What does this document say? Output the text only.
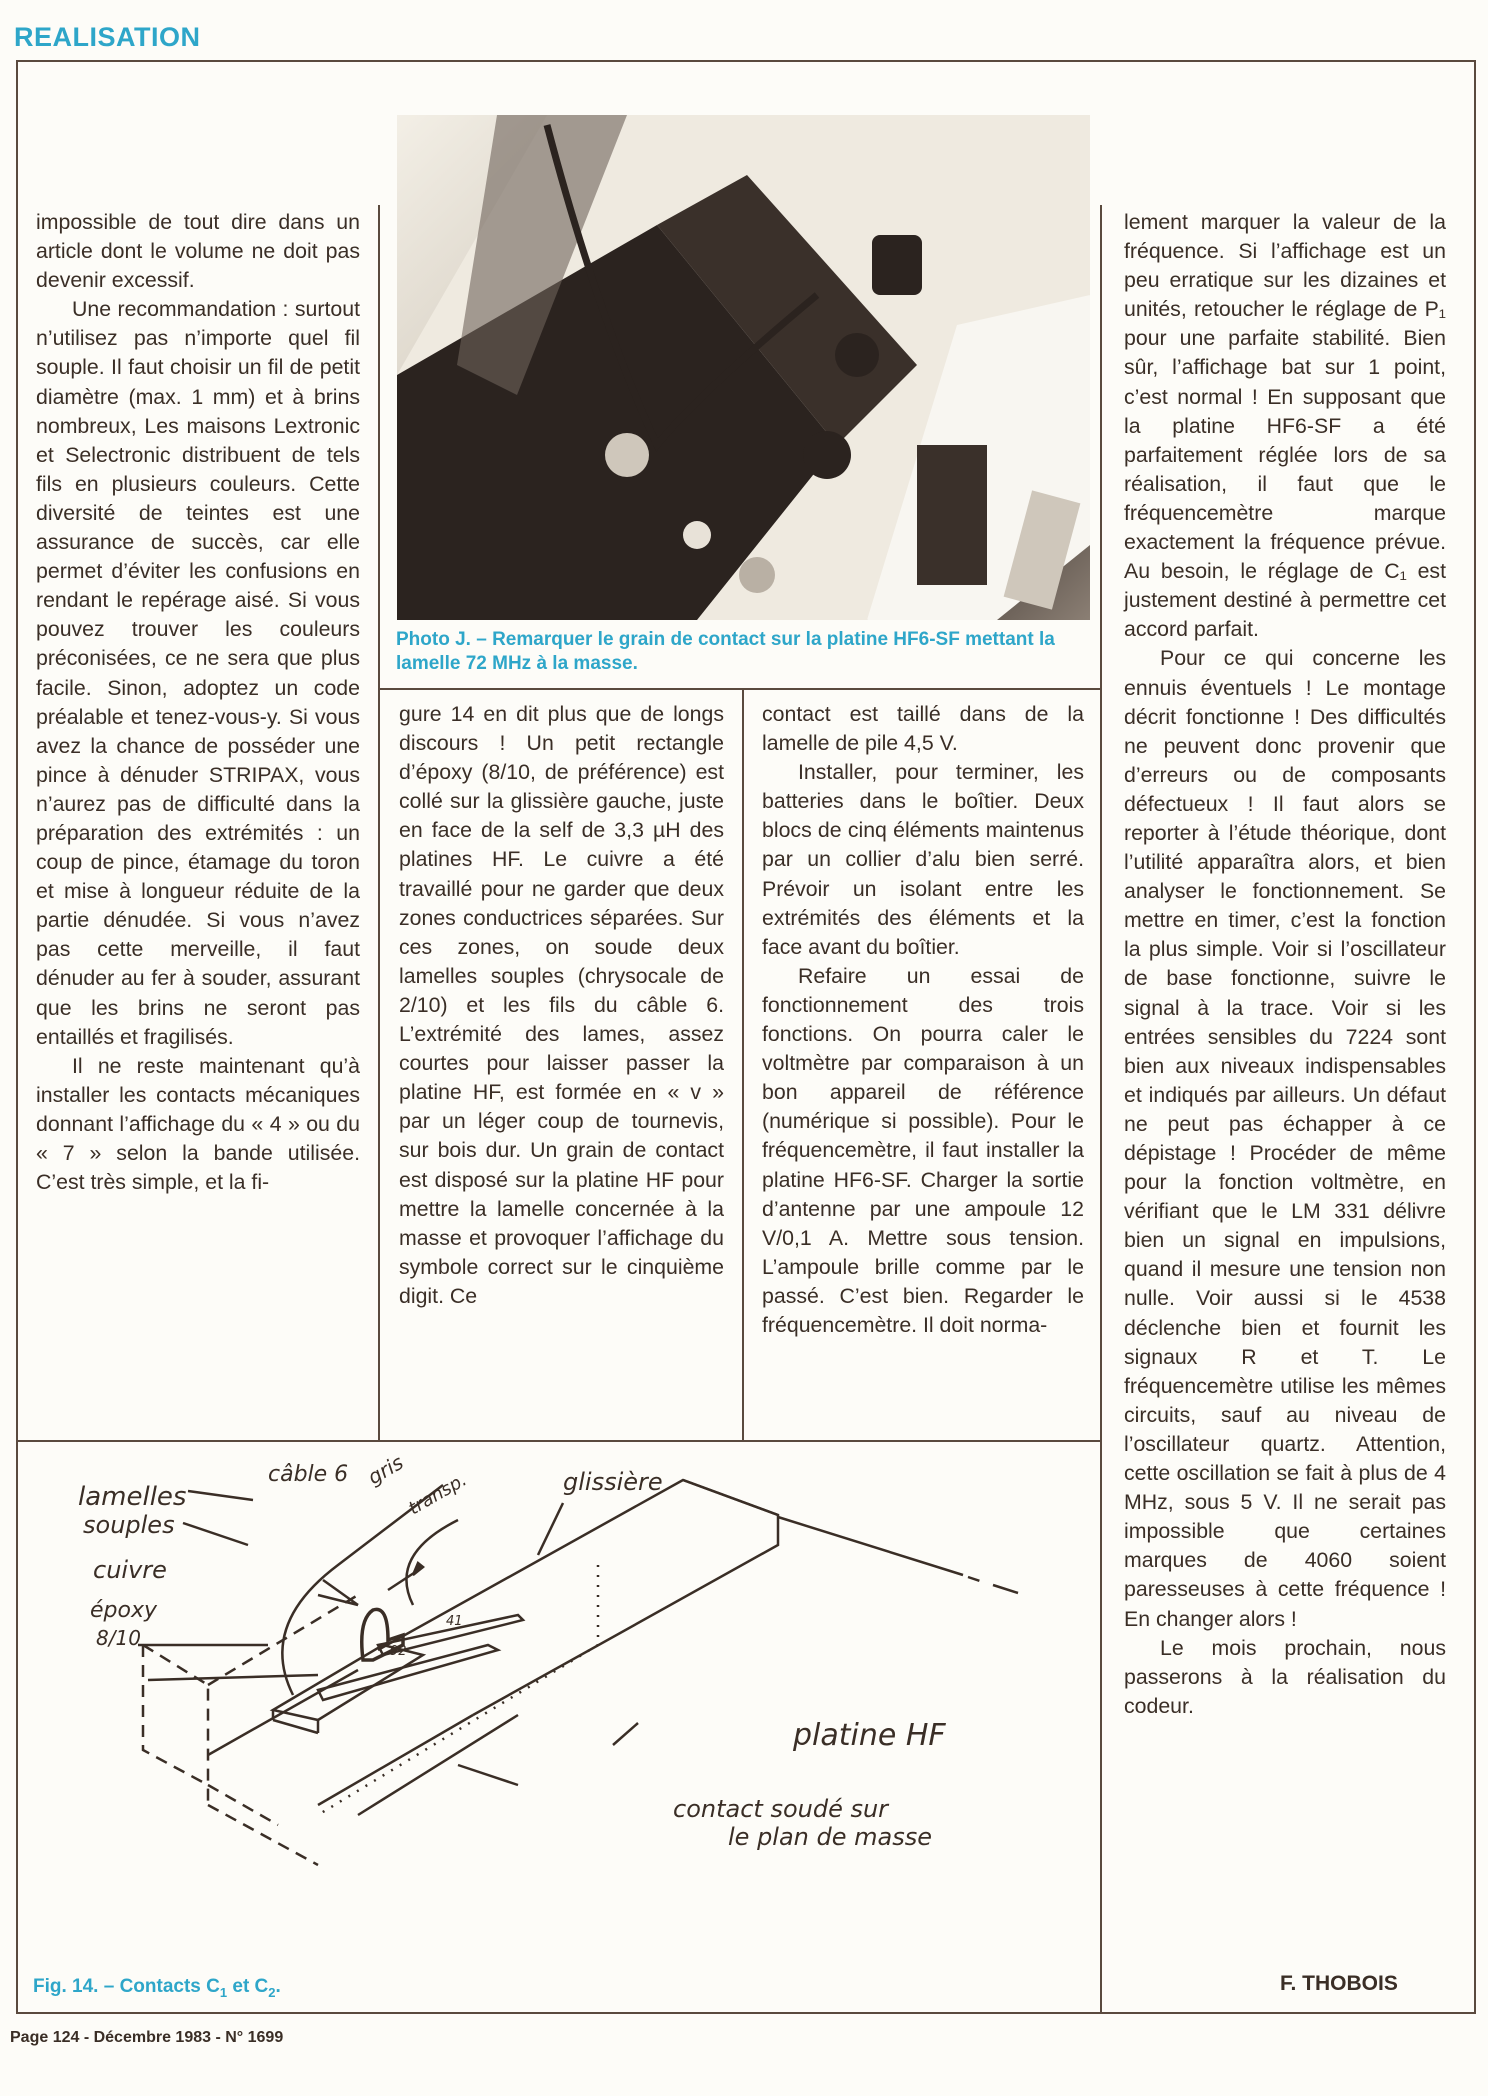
REALISATION

impossible de tout dire dans un article dont le volume ne doit pas devenir excessif.

Une recommandation : surtout n’utilisez pas n’importe quel fil souple. Il faut choisir un fil de petit diamètre (max. 1 mm) et à brins nombreux, Les maisons Lextronic et Selectronic distribuent de tels fils en plusieurs couleurs. Cette diversité de teintes est une assurance de succès, car elle permet d’éviter les confusions en rendant le repérage aisé. Si vous pouvez trouver les couleurs préconisées, ce ne sera que plus facile. Sinon, adoptez un code préalable et tenez-vous-y. Si vous avez la chance de posséder une pince à dénuder STRIPAX, vous n’aurez pas de difficulté dans la préparation des extrémités : un coup de pince, étamage du toron et mise à longueur réduite de la partie dénudée. Si vous n’avez pas cette merveille, il faut dénuder au fer à souder, assurant que les brins ne seront pas entaillés et fragilisés.

Il ne reste maintenant qu’à installer les contacts mécaniques donnant l’affichage du « 4 » ou du « 7 » selon la bande utilisée. C’est très simple, et la fi-

Photo J. – Remarquer le grain de contact sur la platine HF6-SF mettant la lamelle 72 MHz à la masse.

gure 14 en dit plus que de longs discours ! Un petit rectangle d’époxy (8/10, de préférence) est collé sur la glissière gauche, juste en face de la self de 3,3 µH des platines HF. Le cuivre a été travaillé pour ne garder que deux zones conductrices séparées. Sur ces zones, on soude deux lamelles souples (chrysocale de 2/10) et les fils du câble 6. L’extrémité des lames, assez courtes pour laisser passer la platine HF, est formée en « v » par un léger coup de tournevis, sur bois dur. Un grain de contact est disposé sur la platine HF pour mettre la lamelle concernée à la masse et provoquer l’affichage du symbole correct sur le cinquième digit. Ce

contact est taillé dans de la lamelle de pile 4,5 V.

Installer, pour terminer, les batteries dans le boîtier. Deux blocs de cinq éléments maintenus par un collier d’alu bien serré. Prévoir un isolant entre les extrémités des éléments et la face avant du boîtier.

Refaire un essai de fonctionnement des trois fonctions. On pourra caler le voltmètre par comparaison à un bon appareil de référence (numérique si possible). Pour le fréquencemètre, il faut installer la platine HF6-SF. Charger la sortie d’antenne par une ampoule 12 V/0,1 A. Mettre sous tension. L’ampoule brille comme par le passé. C’est bien. Regarder le fréquencemètre. Il doit norma-

lement marquer la valeur de la fréquence. Si l’affichage est un peu erratique sur les dizaines et unités, retoucher le réglage de P₁ pour une parfaite stabilité. Bien sûr, l’affichage bat sur 1 point, c’est normal ! En supposant que la platine HF6-SF a été parfaitement réglée lors de sa réalisation, il faut que le fréquencemètre marque exactement la fréquence prévue. Au besoin, le réglage de C₁ est justement destiné à permettre cet accord parfait.

Pour ce qui concerne les ennuis éventuels ! Le montage décrit fonctionne ! Des difficultés ne peuvent donc provenir que d’erreurs ou de composants défectueux ! Il faut alors se reporter à l’étude théorique, dont l’utilité apparaîtra alors, et bien analyser le fonctionnement. Se mettre en timer, c’est la fonction la plus simple. Voir si l’oscillateur de base fonctionne, suivre le signal à la trace. Voir si les entrées sensibles du 7224 sont bien aux niveaux indispensables et indiqués par ailleurs. Un défaut ne peut pas échapper à ce dépistage ! Procéder de même pour la fonction voltmètre, en vérifiant que le LM 331 délivre bien un signal en impulsions, quand il mesure une tension non nulle. Voir aussi si le 4538 déclenche bien et fournit les signaux R et T. Le fréquencemètre utilise les mêmes circuits, sauf au niveau de l’oscillateur quartz. Attention, cette oscillation se fait à plus de 4 MHz, sous 5 V. Il ne serait pas impossible que certaines marques de 4060 soient paresseuses à cette fréquence ! En changer alors !

Le mois prochain, nous passerons à la réalisation du codeur.

F. THOBOIS
câble 6 gris
transp.	glissière
lamelles
souples
cuivre
époxy
8/10
92
41
platine HF
contact soudé sur
le plan de masse
Fig. 14. – Contacts $C_1$ et $C_2$.
Page 124 - Décembre 1983 - N° 1699
